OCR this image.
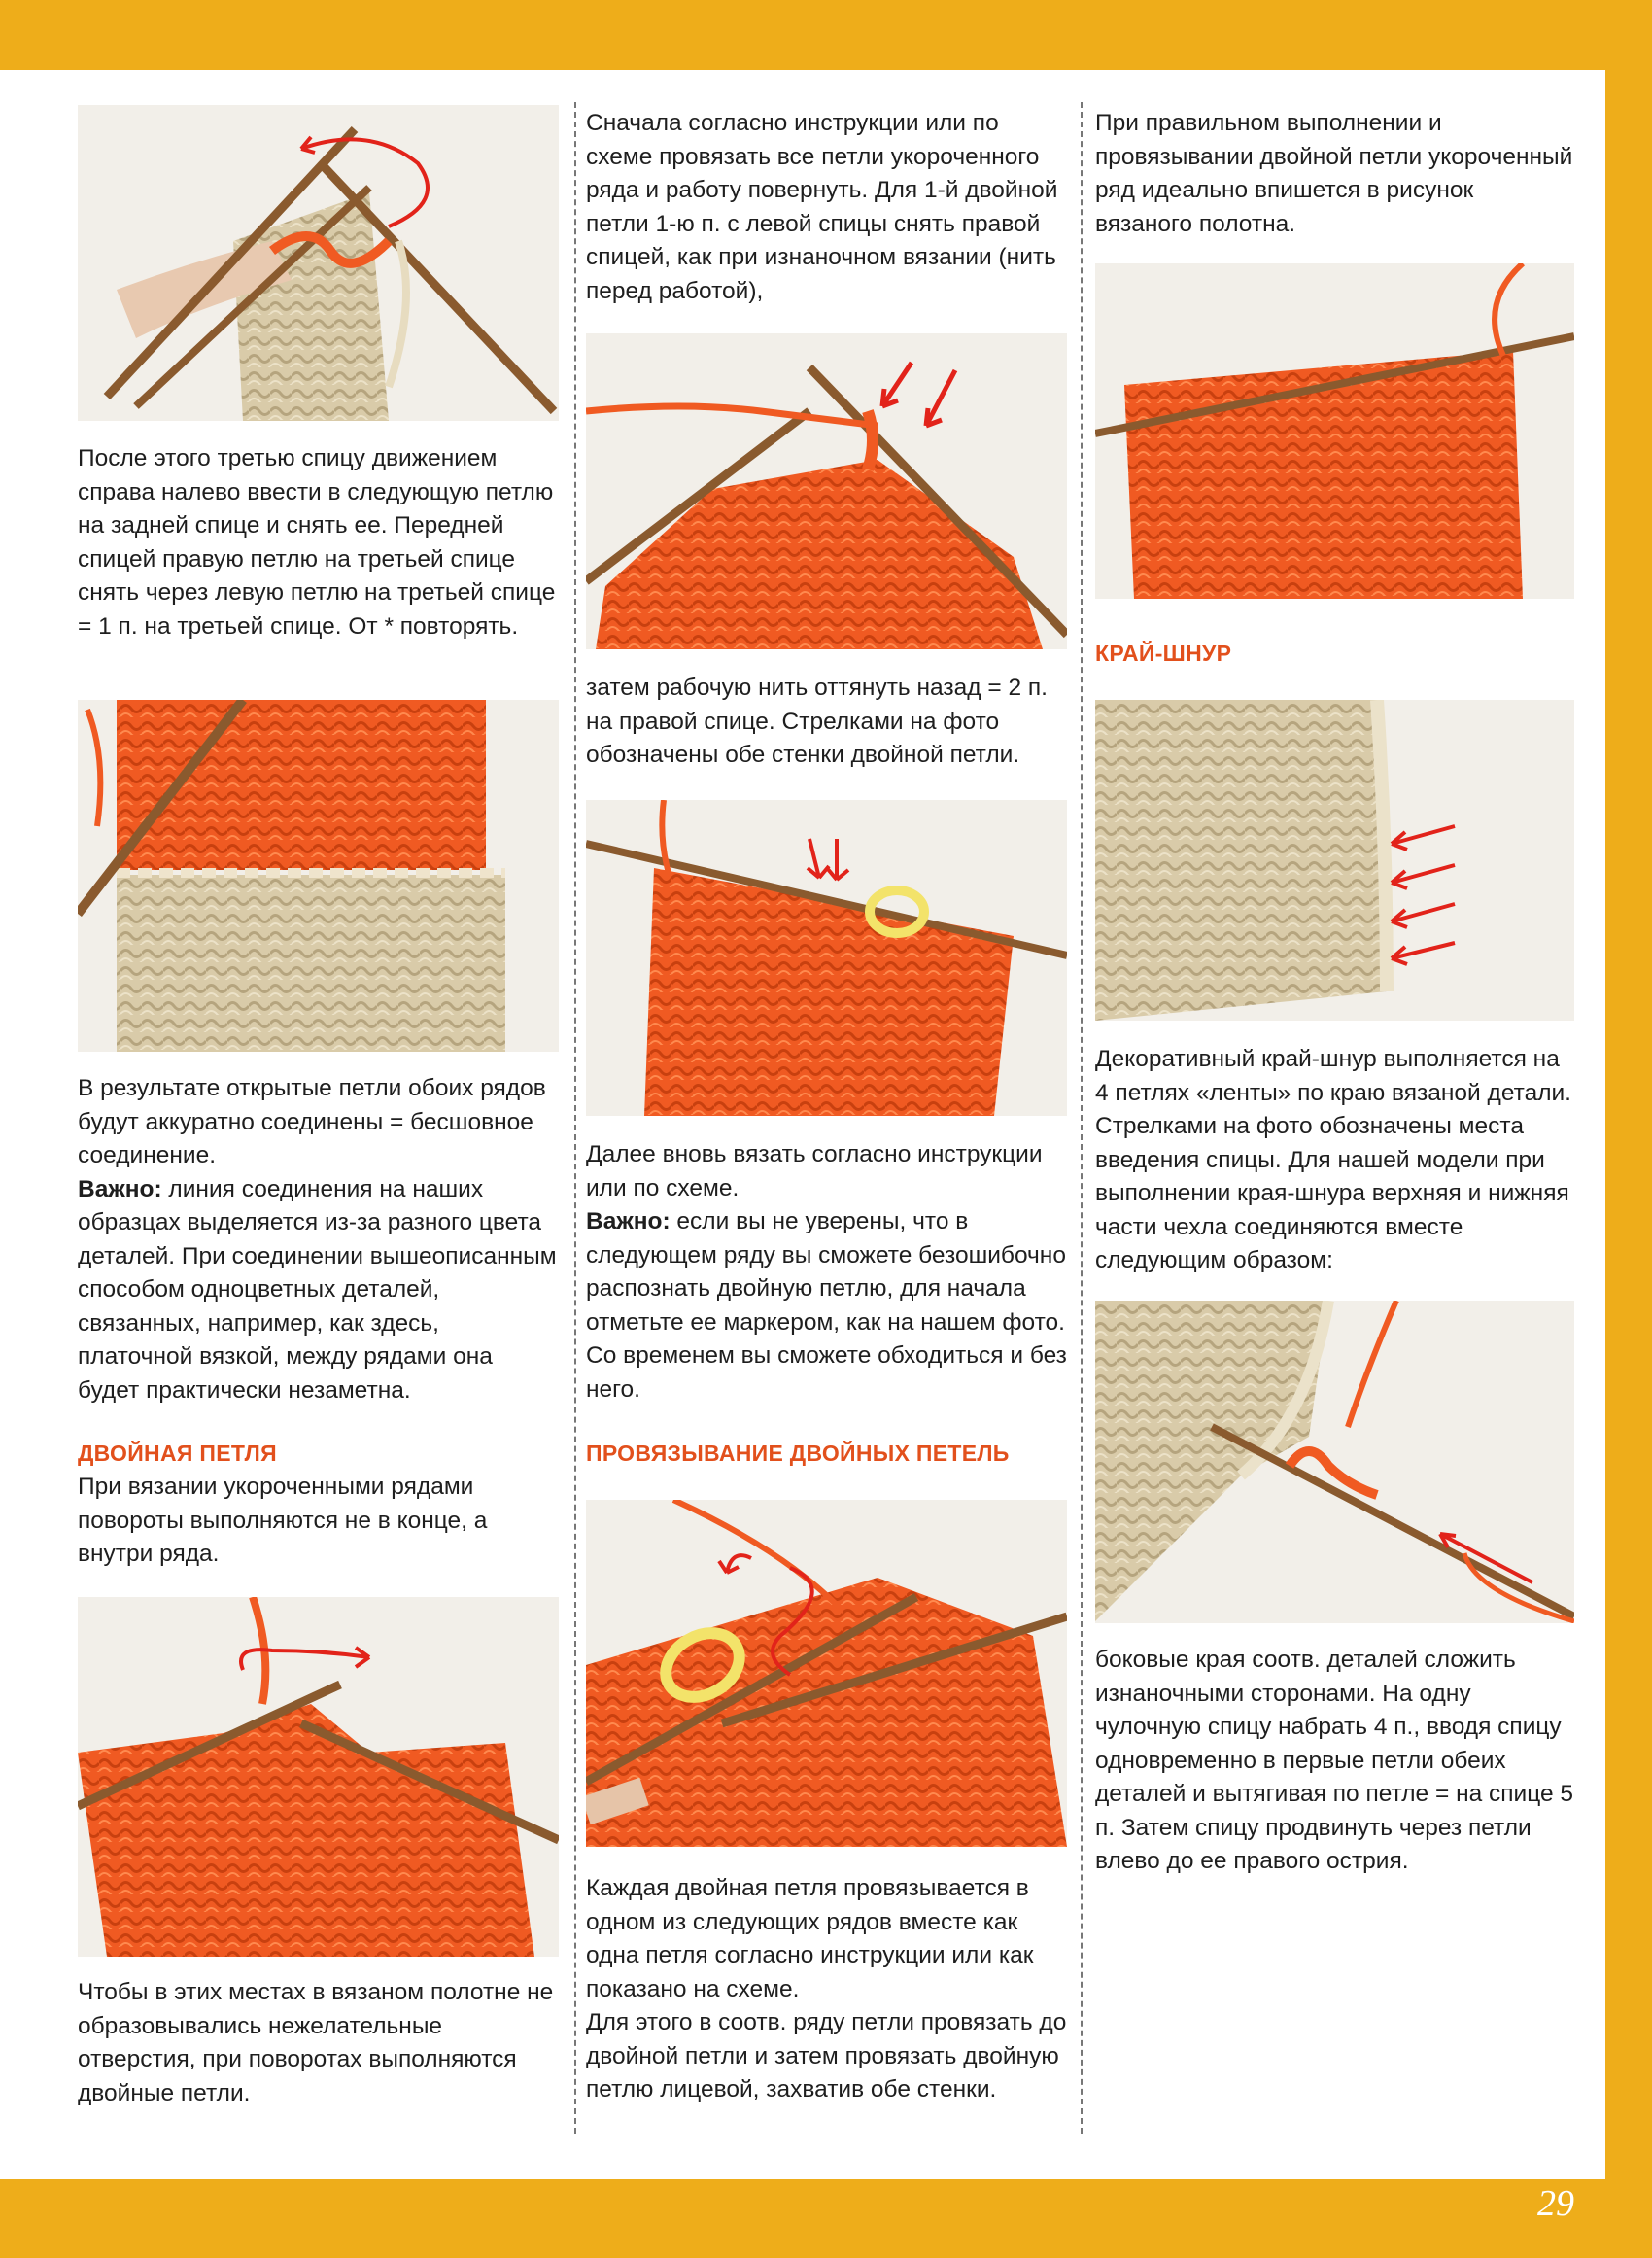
После этого третью спицу движением справа налево ввести в следующую петлю на задней спице и снять ее. Передней спицей правую петлю на третьей спице снять через левую петлю на третьей спице = 1 п. на третьей спице. От * повторять.

В результате открытые петли обоих рядов будут аккуратно соединены = бесшовное соединение.
Важно: линия соединения на наших образцах выделяется из-за разного цвета деталей. При соединении вышеописанным способом одноцветных деталей, связанных, например, как здесь, платочной вязкой, между рядами она будет практически незаметна.

ДВОЙНАЯ ПЕТЛЯ

При вязании укороченными рядами повороты выполняются не в конце, а внутри ряда.

Чтобы в этих местах в вязаном полотне не образовывались нежелательные отверстия, при поворотах выполняются двойные петли.

Сначала согласно инструкции или по схеме провязать все петли укороченного ряда и работу повернуть. Для 1-й двойной петли 1-ю п. с левой спицы снять правой спицей, как при изнаночном вязании (нить перед работой),

затем рабочую нить оттянуть назад = 2 п. на правой спице. Стрелками на фото обозначены обе стенки двойной петли.

Далее вновь вязать согласно инструкции или по схеме.
Важно: если вы не уверены, что в следующем ряду вы сможете безошибочно распознать двойную петлю, для начала отметьте ее маркером, как на нашем фото. Со временем вы сможете обходиться и без него.

ПРОВЯЗЫВАНИЕ ДВОЙНЫХ ПЕТЕЛЬ

Каждая двойная петля провязывается в одном из следующих рядов вместе как одна петля согласно инструкции или как показано на схеме.
Для этого в соотв. ряду петли провязать до двойной петли и затем провязать двойную петлю лицевой, захватив обе стенки.

При правильном выполнении и провязывании двойной петли укороченный ряд идеально впишется в рисунок вязаного полотна.

КРАЙ-ШНУР

Декоративный край-шнур выполняется на 4 петлях «ленты» по краю вязаной детали. Стрелками на фото обозначены места введения спицы. Для нашей модели при выполнении края-шнура верхняя и нижняя части чехла соединяются вместе следующим образом:

боковые края соотв. деталей сложить изнаночными сторонами. На одну чулочную спицу набрать 4 п., вводя спицу одновременно в первые петли обеих деталей и вытягивая по петле = на спице 5 п. Затем спицу продвинуть через петли влево до ее правого острия.

29
